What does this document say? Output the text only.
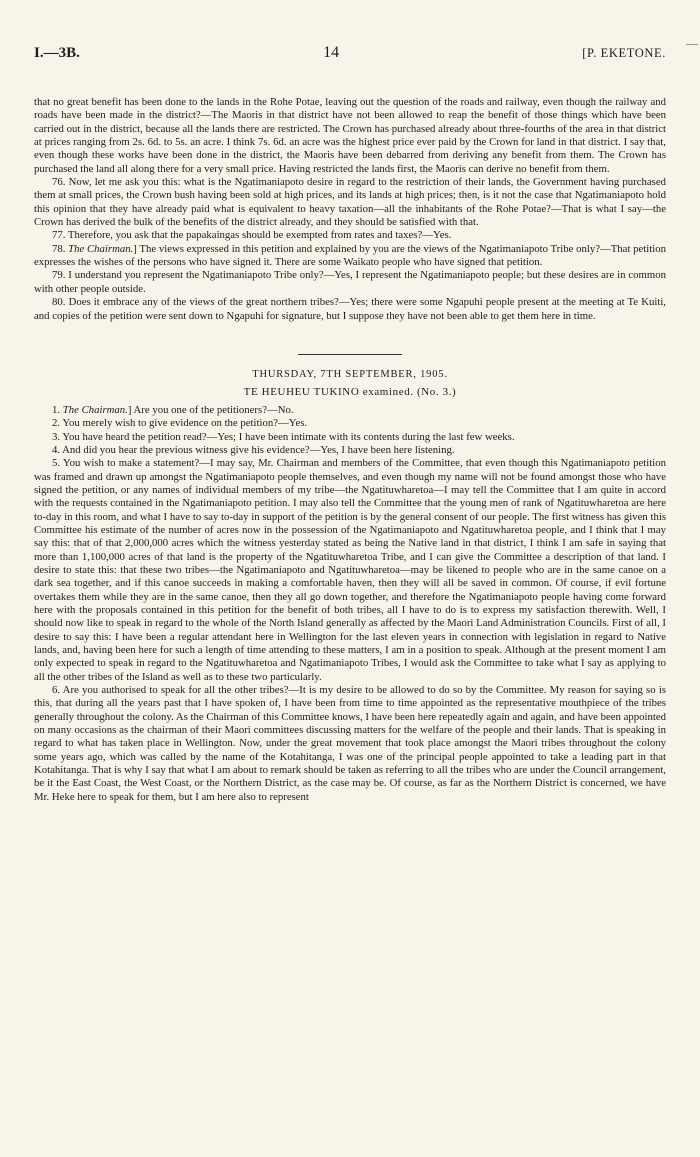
—
I.—3B.	14	[P. EKETONE.

that no great benefit has been done to the lands in the Rohe Potae, leaving out the question of the roads and railway, even though the railway and roads have been made in the district?—The Maoris in that district have not been allowed to reap the benefit of those things which have been carried out in the district, because all the lands there are restricted. The Crown has purchased already about three-fourths of the area in that district at prices ranging from 2s. 6d. to 5s. an acre. I think 7s. 6d. an acre was the highest price ever paid by the Crown for land in that district. I say that, even though these works have been done in the district, the Maoris have been debarred from deriving any benefit from them. The Crown has purchased the land all along there for a very small price. Having restricted the lands first, the Maoris can derive no benefit from them.

76. Now, let me ask you this: what is the Ngatimaniapoto desire in regard to the restriction of their lands, the Government having purchased them at small prices, the Crown bush having been sold at high prices, and its lands at high prices; then, is it not the case that Ngatimaniapoto hold this opinion that they have already paid what is equivalent to heavy taxation—all the inhabitants of the Rohe Potae?—That is what I say—the Crown has derived the bulk of the benefits of the district already, and they should be satisfied with that.

77. Therefore, you ask that the papakaingas should be exempted from rates and taxes?—Yes.

78. The Chairman.] The views expressed in this petition and explained by you are the views of the Ngatimaniapoto Tribe only?—That petition expresses the wishes of the persons who have signed it. There are some Waikato people who have signed that petition.

79. I understand you represent the Ngatimaniapoto Tribe only?—Yes, I represent the Ngatimaniapoto people; but these desires are in common with other people outside.

80. Does it embrace any of the views of the great northern tribes?—Yes; there were some Ngapuhi people present at the meeting at Te Kuiti, and copies of the petition were sent down to Ngapuhi for signature, but I suppose they have not been able to get them here in time.

THURSDAY, 7TH SEPTEMBER, 1905.

TE HEUHEU TUKINO examined. (No. 3.)

1. The Chairman.] Are you one of the petitioners?—No.

2. You merely wish to give evidence on the petition?—Yes.

3. You have heard the petition read?—Yes; I have been intimate with its contents during the last few weeks.

4. And did you hear the previous witness give his evidence?—Yes, I have been here listening.

5. You wish to make a statement?—I may say, Mr. Chairman and members of the Committee, that even though this Ngatimaniapoto petition was framed and drawn up amongst the Ngatimaniapoto people themselves, and even though my name will not be found amongst those who have signed the petition, or any names of individual members of my tribe—the Ngatituwharetoa—I may tell the Committee that I am quite in accord with the requests contained in the Ngatimaniapoto petition. I may also tell the Committee that the young men of rank of Ngatituwharetoa are here to-day in this room, and what I have to say to-day in support of the petition is by the general consent of our people. The first witness has given this Committee his estimate of the number of acres now in the possession of the Ngatimaniapoto and Ngatituwharetoa people, and I think that I may say this: that of that 2,000,000 acres which the witness yesterday stated as being the Native land in that district, I think I am safe in saying that more than 1,100,000 acres of that land is the property of the Ngatituwharetoa Tribe, and I can give the Committee a description of that land. I desire to state this: that these two tribes—the Ngatimaniapoto and Ngatituwharetoa—may be likened to people who are in the same canoe on a dark sea together, and if this canoe succeeds in making a comfortable haven, then they will all be saved in common. Of course, if evil fortune overtakes them while they are in the same canoe, then they all go down together, and therefore the Ngatimaniapoto people having come forward here with the proposals contained in this petition for the benefit of both tribes, all I have to do is to express my satisfaction therewith. Well, I should now like to speak in regard to the whole of the North Island generally as affected by the Maori Land Administration Councils. First of all, I desire to say this: I have been a regular attendant here in Wellington for the last eleven years in connection with legislation in regard to Native lands, and, having been here for such a length of time attending to these matters, I am in a position to speak. Although at the present moment I am only expected to speak in regard to the Ngatituwharetoa and Ngatimaniapoto Tribes, I would ask the Committee to take what I say as applying to all the other tribes of the Island as well as to these two particularly.

6. Are you authorised to speak for all the other tribes?—It is my desire to be allowed to do so by the Committee. My reason for saying so is this, that during all the years past that I have spoken of, I have been from time to time appointed as the representative mouthpiece of the tribes generally throughout the colony. As the Chairman of this Committee knows, I have been here repeatedly again and again, and have been appointed on many occasions as the chairman of their Maori committees discussing matters for the welfare of the people and their lands. That is speaking in regard to what has taken place in Wellington. Now, under the great movement that took place amongst the Maori tribes throughout the colony some years ago, which was called by the name of the Kotahitanga, I was one of the principal people appointed to take a leading part in that Kotahitanga. That is why I say that what I am about to remark should be taken as referring to all the tribes who are under the Council arrangement, be it the East Coast, the West Coast, or the Northern District, as the case may be. Of course, as far as the Northern District is concerned, we have Mr. Heke here to speak for them, but I am here also to represent
